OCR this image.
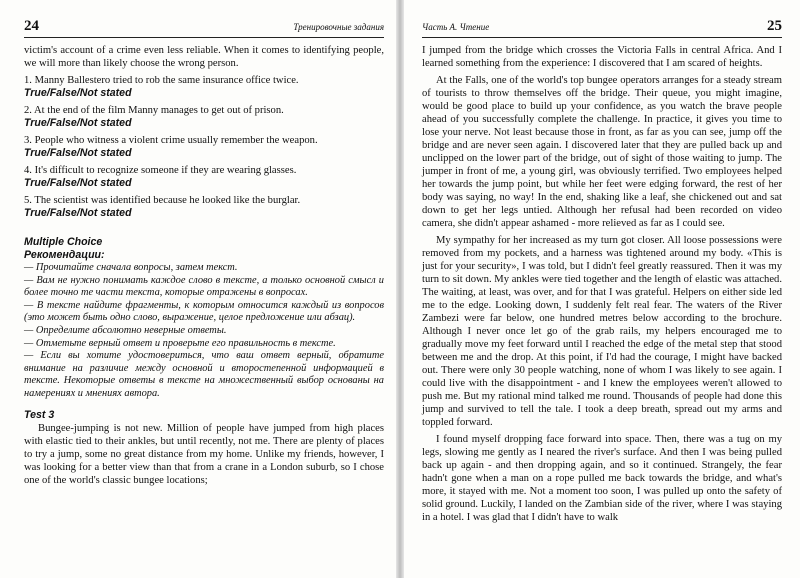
24	Тренировочные задания

victim's account of a crime even less reliable. When it comes to identifying people, we will more than likely choose the wrong person.

1. Manny Ballestero tried to rob the same insurance office twice.

True/False/Not stated

2. At the end of the film Manny manages to get out of prison.

True/False/Not stated

3. People who witness a violent crime usually remember the weapon.

True/False/Not stated

4. It's difficult to recognize someone if they are wearing glasses.

True/False/Not stated

5. The scientist was identified because he looked like the burglar.

True/False/Not stated
Multiple Choice
Рекомендации:

— Прочитайте сначала вопросы, затем текст.

— Вам не нужно понимать каждое слово в тексте, а только основной смысл и более точно те части текста, которые отражены в вопросах.

— В тексте найдите фрагменты, к которым относится каждый из вопросов (это может быть одно слово, выражение, целое предложение или абзац).

— Определите абсолютно неверные ответы.

— Отметьте верный ответ и проверьте его правильность в тексте.

— Если вы хотите удостовериться, что ваш ответ верный, обратите внимание на различие между основной и второстепенной информацией в тексте. Некоторые ответы в тексте на множественный выбор основаны на намерениях и мнениях автора.

Test 3

Bungee-jumping is not new. Million of people have jumped from high places with elastic tied to their ankles, but until recently, not me. There are plenty of places to try a jump, some no great distance from my home. Unlike my friends, however, I was looking for a better view than that from a crane in a London suburb, so I chose one of the world's classic bungee locations;

Часть А. Чтение	25

I jumped from the bridge which crosses the Victoria Falls in central Africa. And I learned something from the experience: I discovered that I am scared of heights.

At the Falls, one of the world's top bungee operators arranges for a steady stream of tourists to throw themselves off the bridge. Their queue, you might imagine, would be good place to build up your confidence, as you watch the brave people ahead of you successfully complete the challenge. In practice, it gives you time to lose your nerve. Not least because those in front, as far as you can see, jump off the bridge and are never seen again. I discovered later that they are pulled back up and unclipped on the lower part of the bridge, out of sight of those waiting to jump. The jumper in front of me, a young girl, was obviously terrified. Two employees helped her towards the jump point, but while her feet were edging forward, the rest of her body was saying, no way! In the end, shaking like a leaf, she chickened out and sat down to get her legs untied. Although her refusal had been recorded on video camera, she didn't appear ashamed - more relieved as far as I could see.

My sympathy for her increased as my turn got closer. All loose possessions were removed from my pockets, and a harness was tightened around my body. «This is just for your security», I was told, but I didn't feel greatly reassured. Then it was my turn to sit down. My ankles were tied together and the length of elastic was attached. The waiting, at least, was over, and for that I was grateful. Helpers on either side led me to the edge. Looking down, I suddenly felt real fear. The waters of the River Zambezi were far below, one hundred metres below according to the brochure. Although I never once let go of the grab rails, my helpers encouraged me to gradually move my feet forward until I reached the edge of the metal step that stood between me and the drop. At this point, if I'd had the courage, I might have backed out. There were only 30 people watching, none of whom I was likely to see again. I could live with the disappointment - and I knew the employees weren't allowed to push me. But my rational mind talked me round. Thousands of people had done this jump and survived to tell the tale. I took a deep breath, spread out my arms and toppled forward.

I found myself dropping face forward into space. Then, there was a tug on my legs, slowing me gently as I neared the river's surface. And then I was being pulled back up again - and then dropping again, and so it continued. Strangely, the fear hadn't gone when a man on a rope pulled me back towards the bridge, and what's more, it stayed with me. Not a moment too soon, I was pulled up onto the safety of solid ground. Luckily, I landed on the Zambian side of the river, where I was staying in a hotel. I was glad that I didn't have to walk
